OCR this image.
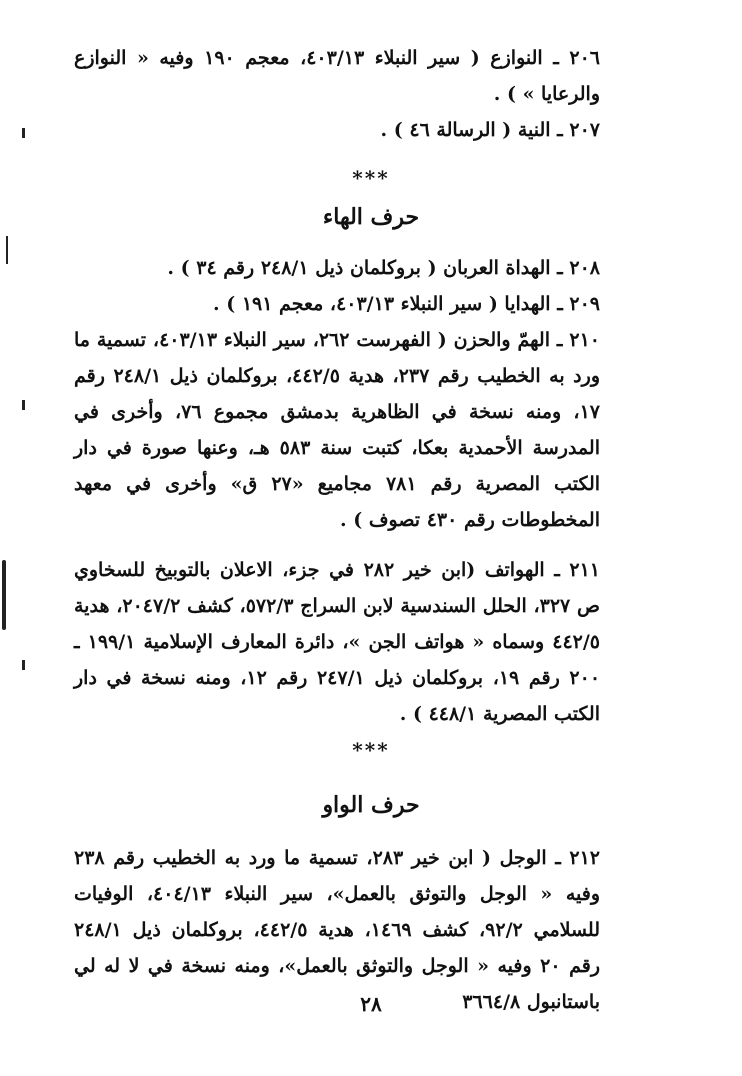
٢٠٦ ـ النوازع ( سير النبلاء ٤٠٣/١٣، معجم ١٩٠ وفيه « النوازع والرعايا » ) .

٢٠٧ ـ النية ( الرسالة ٤٦ ) .

***
حرف الهاء

٢٠٨ ـ الهداة العربان ( بروكلمان ذيل ٢٤٨/١ رقم ٣٤ ) .

٢٠٩ ـ الهدايا ( سير النبلاء ٤٠٣/١٣، معجم ١٩١ ) .

٢١٠ ـ الهمّ والحزن ( الفهرست ٢٦٢، سير النبلاء ٤٠٣/١٣، تسمية ما ورد به الخطيب رقم ٢٣٧، هدية ٤٤٢/٥، بروكلمان ذيل ٢٤٨/١ رقم ١٧، ومنه نسخة في الظاهرية بدمشق مجموع ٧٦، وأخرى في المدرسة الأحمدية بعكا، كتبت سنة ٥٨٣ هـ، وعنها صورة في دار الكتب المصرية رقم ٧٨١ مجاميع «٢٧ ق» وأخرى في معهد المخطوطات رقم ٤٣٠ تصوف ) .

٢١١ ـ الهواتف (ابن خير ٢٨٢ في جزء، الاعلان بالتوبيخ للسخاوي ص ٣٢٧، الحلل السندسية لابن السراج ٥٧٢/٣، كشف ٢٠٤٧/٢، هدية ٤٤٢/٥ وسماه « هواتف الجن »، دائرة المعارف الإسلامية ١٩٩/١ ـ ٢٠٠ رقم ١٩، بروكلمان ذيل ٢٤٧/١ رقم ١٢، ومنه نسخة في دار الكتب المصرية ٤٤٨/١ ) .

***
حرف الواو

٢١٢ ـ الوجل ( ابن خير ٢٨٣، تسمية ما ورد به الخطيب رقم ٢٣٨ وفيه « الوجل والتوثق بالعمل»، سير النبلاء ٤٠٤/١٣، الوفيات للسلامي ٩٢/٢، كشف ١٤٦٩، هدية ٤٤٢/٥، بروكلمان ذيل ٢٤٨/١ رقم ٢٠ وفيه « الوجل والتوثق بالعمل»، ومنه نسخة في لا له لي باستانبول ٣٦٦٤/٨

٢٨
